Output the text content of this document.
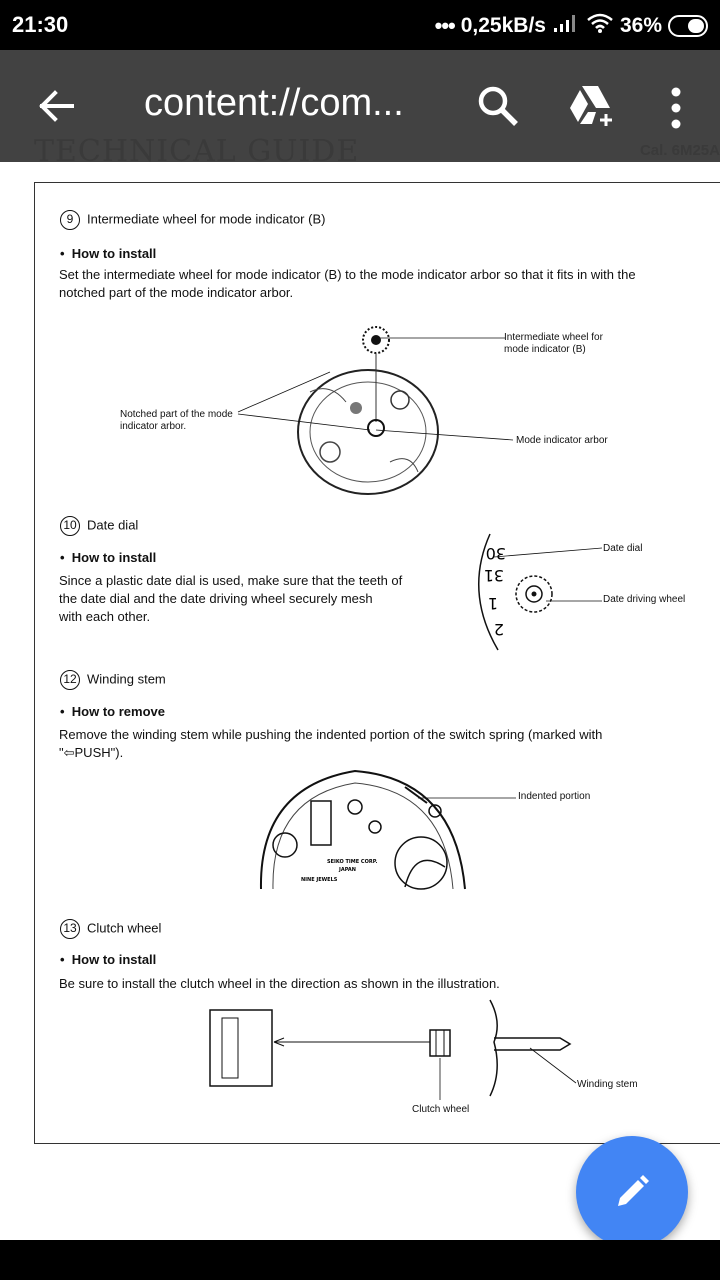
21:30	••• 0,25kB/s	36%
content://com...
TECHNICAL GUIDE	Cal. 6M25A
9 Intermediate wheel for mode indicator (B)
•  How to install
Set the intermediate wheel for mode indicator (B) to the mode indicator arbor so that it fits in with the
notched part of the mode indicator arbor.
Intermediate wheel for
mode indicator (B)
Notched part of the mode
indicator arbor.
Mode indicator arbor
10 Date dial
•  How to install
Since a plastic date dial is used, make sure that the teeth of
the date dial and the date driving wheel securely mesh
with each other.
30
31
1
2
Date dial
Date driving wheel
12 Winding stem
•  How to remove
Remove the winding stem while pushing the indented portion of the switch spring (marked with
"⇦PUSH").
SEIKO TIME CORP.
JAPAN
NINE JEWELS
Indented portion
13 Clutch wheel
•  How to install
Be sure to install the clutch wheel in the direction as shown in the illustration.
Clutch wheel
Winding stem
